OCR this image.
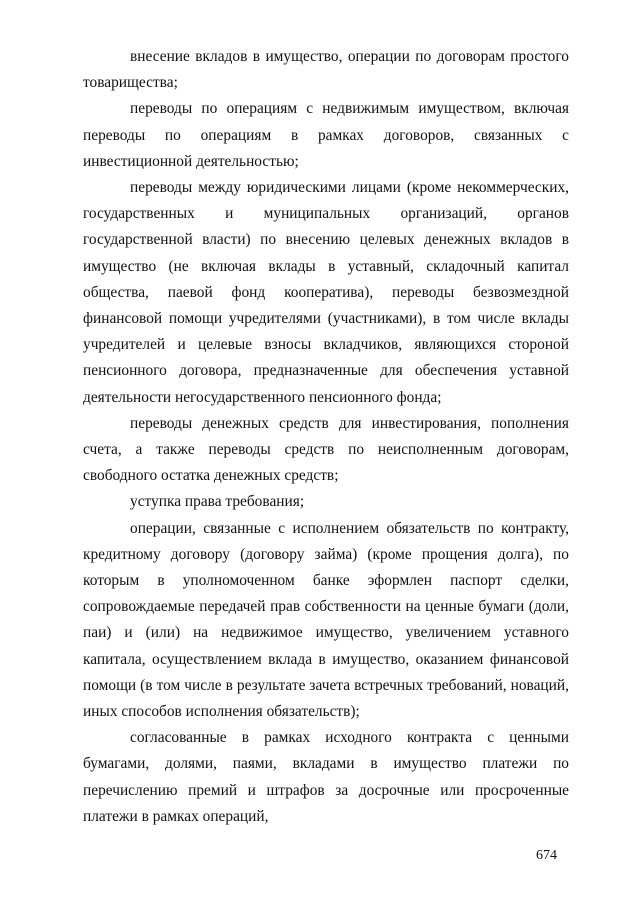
внесение вкладов в имущество, операции по договорам простого товарищества;

переводы по операциям с недвижимым имуществом, включая переводы по операциям в рамках договоров, связанных с инвестиционной деятельностью;

переводы между юридическими лицами (кроме некоммерческих, государственных и муниципальных организаций, органов государственной власти) по внесению целевых денежных вкладов в имущество (не включая вклады в уставный, складочный капитал общества, паевой фонд кооператива), переводы безвозмездной финансовой помощи учредителями (участниками), в том числе вклады учредителей и целевые взносы вкладчиков, являющихся стороной пенсионного договора, предназначенные для обеспечения уставной деятельности негосударственного пенсионного фонда;

переводы денежных средств для инвестирования, пополнения счета, а также переводы средств по неисполненным договорам, свободного остатка денежных средств;

уступка права требования;

операции, связанные с исполнением обязательств по контракту, кредитному договору (договору займа) (кроме прощения долга), по которым в уполномоченном банке эформлен паспорт сделки, сопровождаемые передачей прав собственности на ценные бумаги (доли, паи) и (или) на недвижимое имущество, увеличением уставного капитала, осуществлением вклада в имущество, оказанием финансовой помощи (в том числе в результате зачета встречных требований, новаций, иных способов исполнения обязательств);

согласованные в рамках исходного контракта с ценными бумагами, долями, паями, вкладами в имущество платежи по перечислению премий и штрафов за досрочные или просроченные платежи в рамках операций,

674
